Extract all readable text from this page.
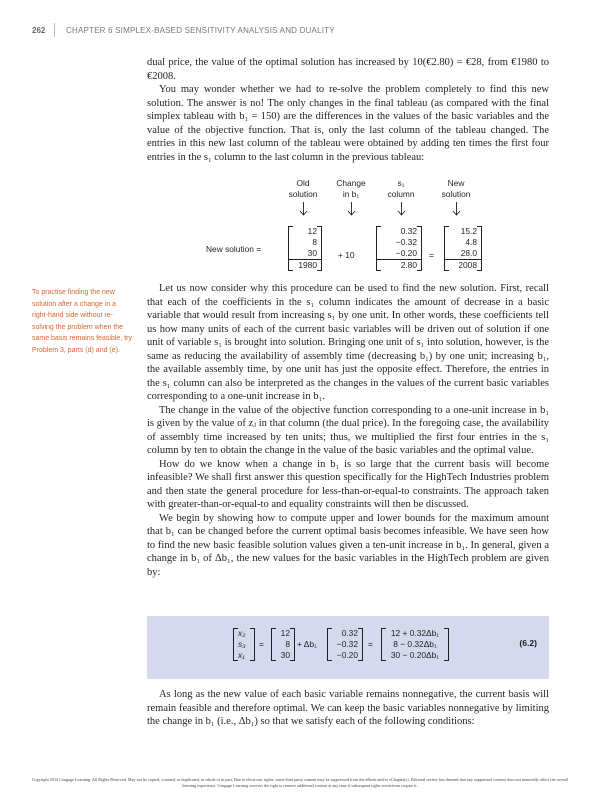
262	CHAPTER 6 SIMPLEX-BASED SENSITIVITY ANALYSIS AND DUALITY

dual price, the value of the optimal solution has increased by 10(€2.80) = €28, from €1980 to €2008.

You may wonder whether we had to re-solve the problem completely to find this new solution. The answer is no! The only changes in the final tableau (as compared with the final simplex tableau with b₁ = 150) are the differences in the values of the basic variables and the value of the objective function. That is, only the last column of the tableau changed. The entries in this new last column of the tableau were obtained by adding ten times the first four entries in the s₁ column to the last column in the previous tableau:

Old
solution
Change
in b₁
s₁
column
New
solution
New solution =
12
8
30
1980
+ 10
0.32
−0.32
−0.20
2.80
=
15.2
4.8
28.0
2008
To practise finding the new solution after a change in a right-hand side without re-solving the problem when the same basis remains feasible, try Problem 3, parts (d) and (e).

Let us now consider why this procedure can be used to find the new solution. First, recall that each of the coefficients in the s₁ column indicates the amount of decrease in a basic variable that would result from increasing s₁ by one unit. In other words, these coefficients tell us how many units of each of the current basic variables will be driven out of solution if one unit of variable s₁ is brought into solution. Bringing one unit of s₁ into solution, however, is the same as reducing the availability of assembly time (decreasing b₁) by one unit; increasing b₁, the available assembly time, by one unit has just the opposite effect. Therefore, the entries in the s₁ column can also be interpreted as the changes in the values of the current basic variables corresponding to a one-unit increase in b₁.

The change in the value of the objective function corresponding to a one-unit increase in b₁ is given by the value of zⱼ in that column (the dual price). In the foregoing case, the availability of assembly time increased by ten units; thus, we multiplied the first four entries in the s₁ column by ten to obtain the change in the value of the basic variables and the optimal value.

How do we know when a change in b₁ is so large that the current basis will become infeasible? We shall first answer this question specifically for the HighTech Industries problem and then state the general procedure for less-than-or-equal-to constraints. The approach taken with greater-than-or-equal-to and equality constraints will then be discussed.

We begin by showing how to compute upper and lower bounds for the maximum amount that b₁ can be changed before the current optimal basis becomes infeasible. We have seen how to find the new basic feasible solution values given a ten-unit increase in b₁. In general, given a change in b₁ of Δb₁, the new values for the basic variables in the HighTech problem are given by:

x₂
s₃
x₁
=
12
8
30
+ Δb₁
0.32
−0.32
−0.20
=
12 + 0.32Δb₁
8 − 0.32Δb₁
30 − 0.20Δb₁
(6.2)

As long as the new value of each basic variable remains nonnegative, the current basis will remain feasible and therefore optimal. We can keep the basic variables nonnegative by limiting the change in b₁ (i.e., Δb₁) so that we satisfy each of the following conditions:

Copyright 2014 Cengage Learning. All Rights Reserved. May not be copied, scanned, or duplicated, in whole or in part. Due to electronic rights, some third party content may be suppressed from the eBook and/or eChapter(s). Editorial review has deemed that any suppressed content does not materially affect the overall learning experience. Cengage Learning reserves the right to remove additional content at any time if subsequent rights restrictions require it.
